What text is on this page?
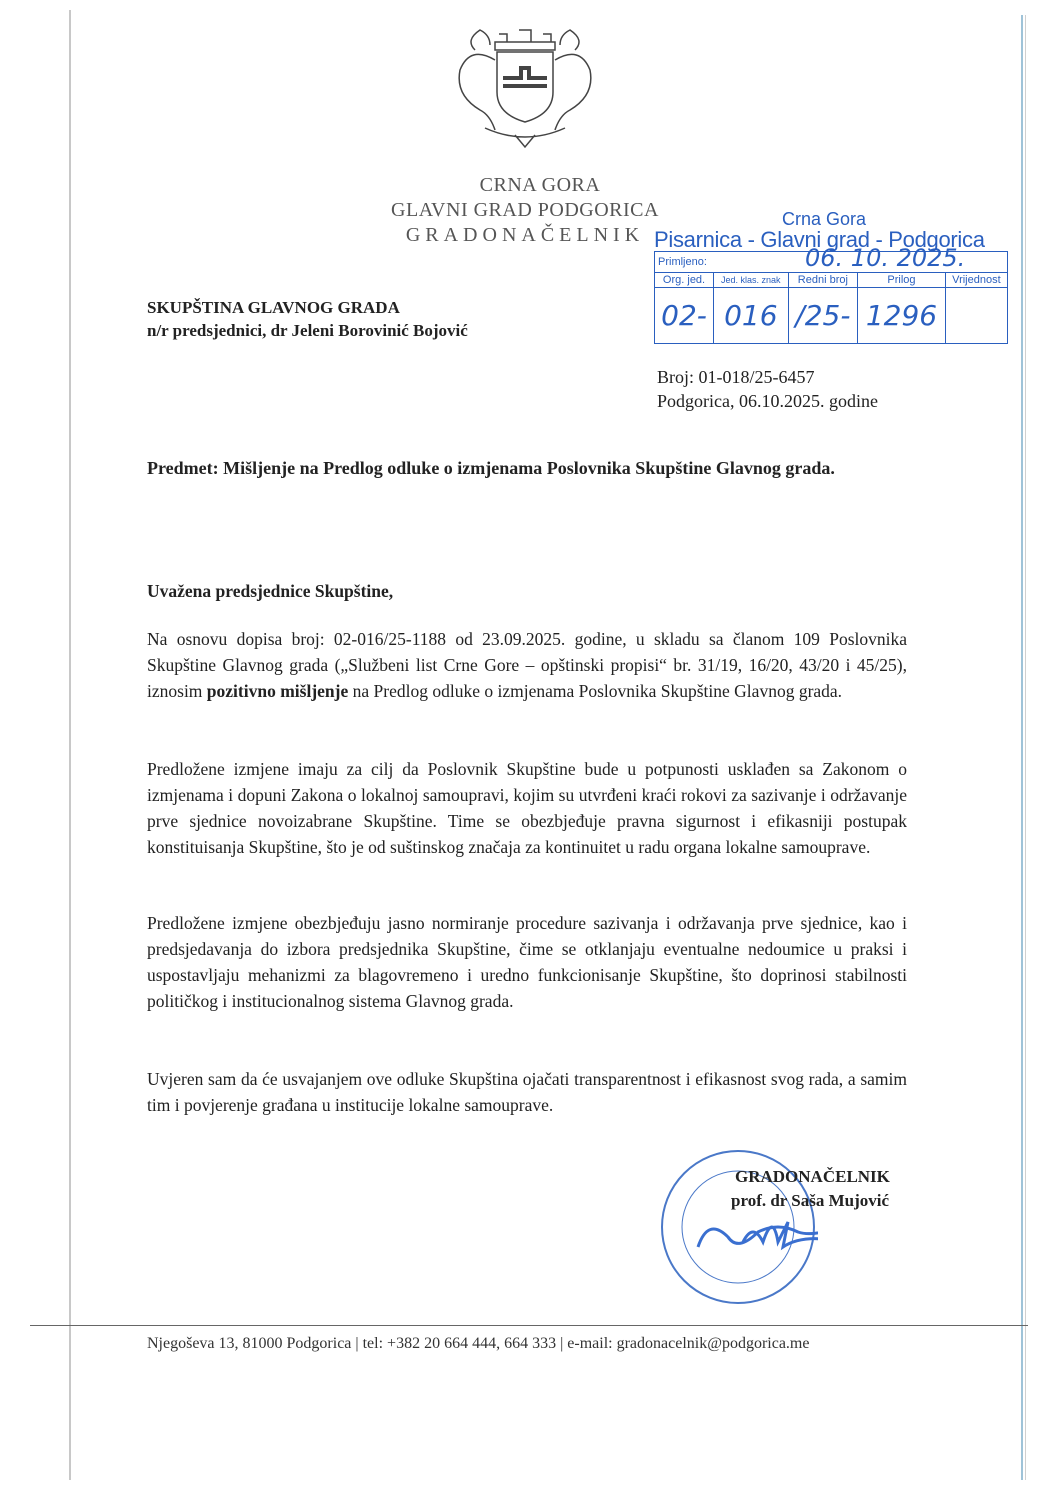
CRNA GORA
GLAVNI GRAD PODGORICA
GRADONAČELNIK
Crna Gora
Pisarnica - Glavni grad - Podgorica
Primljeno: 06. 10. 2025.				

Org. jed.	Jed. klas. znak	Redni broj	Prilog	Vrijednost
02-	016	/25-	1296	
SKUPŠTINA GLAVNOG GRADA
n/r predsjednici, dr Jeleni Borovinić Bojović
Broj: 01-018/25-6457
Podgorica, 06.10.2025. godine
Predmet: Mišljenje na Predlog odluke o izmjenama Poslovnika Skupštine Glavnog grada.
Uvažena predsjednice Skupštine,
Na osnovu dopisa broj: 02-016/25-1188 od 23.09.2025. godine, u skladu sa članom 109 Poslovnika Skupštine Glavnog grada („Službeni list Crne Gore – opštinski propisi“ br. 31/19, 16/20, 43/20 i 45/25), iznosim pozitivno mišljenje na Predlog odluke o izmjenama Poslovnika Skupštine Glavnog grada.
Predložene izmjene imaju za cilj da Poslovnik Skupštine bude u potpunosti usklađen sa Zakonom o izmjenama i dopuni Zakona o lokalnoj samoupravi, kojim su utvrđeni kraći rokovi za sazivanje i održavanje prve sjednice novoizabrane Skupštine. Time se obezbjeđuje pravna sigurnost i efikasniji postupak konstituisanja Skupštine, što je od suštinskog značaja za kontinuitet u radu organa lokalne samouprave.
Predložene izmjene obezbjeđuju jasno normiranje procedure sazivanja i održavanja prve sjednice, kao i predsjedavanja do izbora predsjednika Skupštine, čime se otklanjaju eventualne nedoumice u praksi i uspostavljaju mehanizmi za blagovremeno i uredno funkcionisanje Skupštine, što doprinosi stabilnosti političkog i institucionalnog sistema Glavnog grada.
Uvjeren sam da će usvajanjem ove odluke Skupština ojačati transparentnost i efikasnost svog rada, a samim tim i povjerenje građana u institucije lokalne samouprave.
GRADONAČELNIK
prof. dr Saša Mujović
Njegoševa 13, 81000 Podgorica | tel: +382 20 664 444, 664 333 | e-mail: gradonacelnik@podgorica.me
